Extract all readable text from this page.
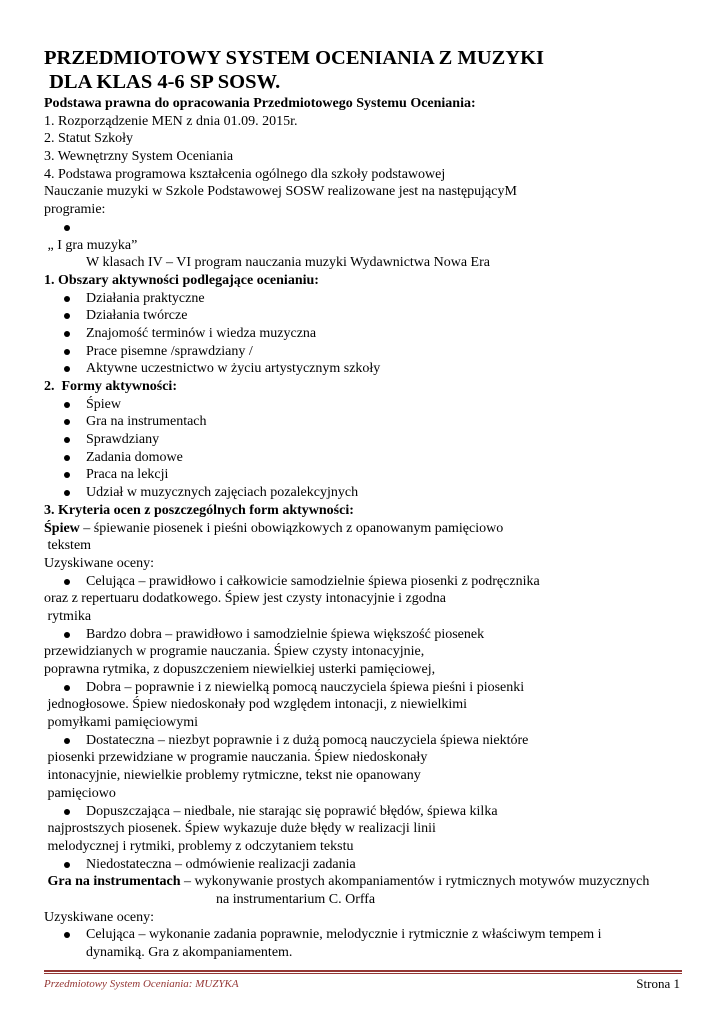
PRZEDMIOTOWY SYSTEM OCENIANIA Z MUZYKI
DLA KLAS 4-6 SP SOSW.
Podstawa prawna do opracowania Przedmiotowego Systemu Oceniania:
1. Rozporządzenie MEN z dnia 01.09. 2015r.
2. Statut Szkoły
3. Wewnętrzny System Oceniania
4. Podstawa programowa kształcenia ogólnego dla szkoły podstawowej
Nauczanie muzyki w Szkole Podstawowej SOSW realizowane jest na następującyM
programie:

W klasach IV – VI program nauczania muzyki Wydawnictwa Nowa Era

„ I gra muzyka”
1. Obszary aktywności podlegające ocenianiu:
Działania praktyczne
Działania twórcze
Znajomość terminów i wiedza muzyczna
Prace pisemne /sprawdziany /
Aktywne uczestnictwo w życiu artystycznym szkoły
2.  Formy aktywności:
Śpiew
Gra na instrumentach
Sprawdziany
Zadania domowe
Praca na lekcji
Udział w muzycznych zajęciach pozalekcyjnych
3. Kryteria ocen z poszczególnych form aktywności:
Śpiew – śpiewanie piosenek i pieśni obowiązkowych z opanowanym pamięciowo
tekstem
Uzyskiwane oceny:
Celująca – prawidłowo i całkowicie samodzielnie śpiewa piosenki z podręcznika
oraz z repertuaru dodatkowego. Śpiew jest czysty intonacyjnie i zgodna
rytmika
Bardzo dobra – prawidłowo i samodzielnie śpiewa większość piosenek
przewidzianych w programie nauczania. Śpiew czysty intonacyjnie,
poprawna rytmika, z dopuszczeniem niewielkiej usterki pamięciowej,
Dobra – poprawnie i z niewielką pomocą nauczyciela śpiewa pieśni i piosenki
jednogłosowe. Śpiew niedoskonały pod względem intonacji, z niewielkimi
pomyłkami pamięciowymi
Dostateczna – niezbyt poprawnie i z dużą pomocą nauczyciela śpiewa niektóre
piosenki przewidziane w programie nauczania. Śpiew niedoskonały
intonacyjnie, niewielkie problemy rytmiczne, tekst nie opanowany
pamięciowo
Dopuszczająca – niedbale, nie starając się poprawić błędów, śpiewa kilka
najprostszych piosenek. Śpiew wykazuje duże błędy w realizacji linii
melodycznej i rytmiki, problemy z odczytaniem tekstu
Niedostateczna – odmówienie realizacji zadania
Gra na instrumentach – wykonywanie prostych akompaniamentów i rytmicznych motywów muzycznych
na instrumentarium C. Orffa
Uzyskiwane oceny:
Celująca – wykonanie zadania poprawnie, melodycznie i rytmicznie z właściwym tempem i
dynamiką. Gra z akompaniamentem.
Przedmiotowy System Oceniania: MUZYKA	Strona 1
